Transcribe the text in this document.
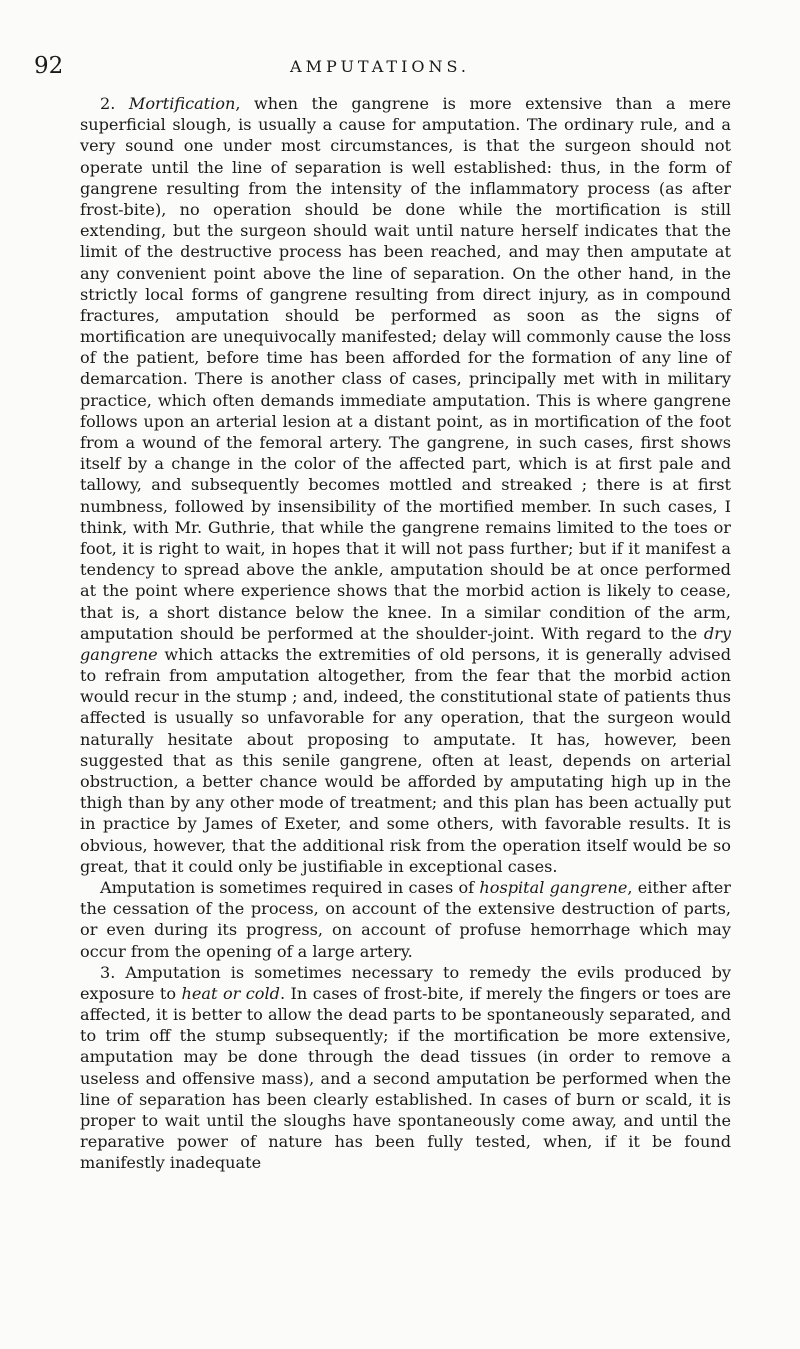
92	AMPUTATIONS.

2. Mortification, when the gangrene is more extensive than a mere superficial slough, is usually a cause for amputation. The ordinary rule, and a very sound one under most circumstances, is that the surgeon should not operate until the line of separation is well established: thus, in the form of gangrene resulting from the intensity of the inflammatory process (as after frost-bite), no operation should be done while the mortification is still extending, but the surgeon should wait until nature herself indicates that the limit of the destructive process has been reached, and may then amputate at any convenient point above the line of separation. On the other hand, in the strictly local forms of gangrene resulting from direct injury, as in compound fractures, amputation should be performed as soon as the signs of mortification are unequivocally manifested; delay will commonly cause the loss of the patient, before time has been afforded for the formation of any line of demarcation. There is another class of cases, principally met with in military practice, which often demands immediate amputation. This is where gangrene follows upon an arterial lesion at a distant point, as in mortification of the foot from a wound of the femoral artery. The gangrene, in such cases, first shows itself by a change in the color of the affected part, which is at first pale and tallowy, and subsequently becomes mottled and streaked ; there is at first numbness, followed by insensibility of the mortified member. In such cases, I think, with Mr. Guthrie, that while the gangrene remains limited to the toes or foot, it is right to wait, in hopes that it will not pass further; but if it manifest a tendency to spread above the ankle, amputation should be at once performed at the point where experience shows that the morbid action is likely to cease, that is, a short distance below the knee. In a similar condition of the arm, amputation should be performed at the shoulder-joint. With regard to the dry gangrene which attacks the extremities of old persons, it is generally advised to refrain from amputation altogether, from the fear that the morbid action would recur in the stump ; and, indeed, the constitutional state of patients thus affected is usually so unfavorable for any operation, that the surgeon would naturally hesitate about proposing to amputate. It has, however, been suggested that as this senile gangrene, often at least, depends on arterial obstruction, a better chance would be afforded by amputating high up in the thigh than by any other mode of treatment; and this plan has been actually put in practice by James of Exeter, and some others, with favorable results. It is obvious, however, that the additional risk from the operation itself would be so great, that it could only be justifiable in exceptional cases.

Amputation is sometimes required in cases of hospital gangrene, either after the cessation of the process, on account of the extensive destruction of parts, or even during its progress, on account of profuse hemorrhage which may occur from the opening of a large artery.

3. Amputation is sometimes necessary to remedy the evils produced by exposure to heat or cold. In cases of frost-bite, if merely the fingers or toes are affected, it is better to allow the dead parts to be spontaneously separated, and to trim off the stump subsequently; if the mortification be more extensive, amputation may be done through the dead tissues (in order to remove a useless and offensive mass), and a second amputation be performed when the line of separation has been clearly established. In cases of burn or scald, it is proper to wait until the sloughs have spontaneously come away, and until the reparative power of nature has been fully tested, when, if it be found manifestly inadequate
